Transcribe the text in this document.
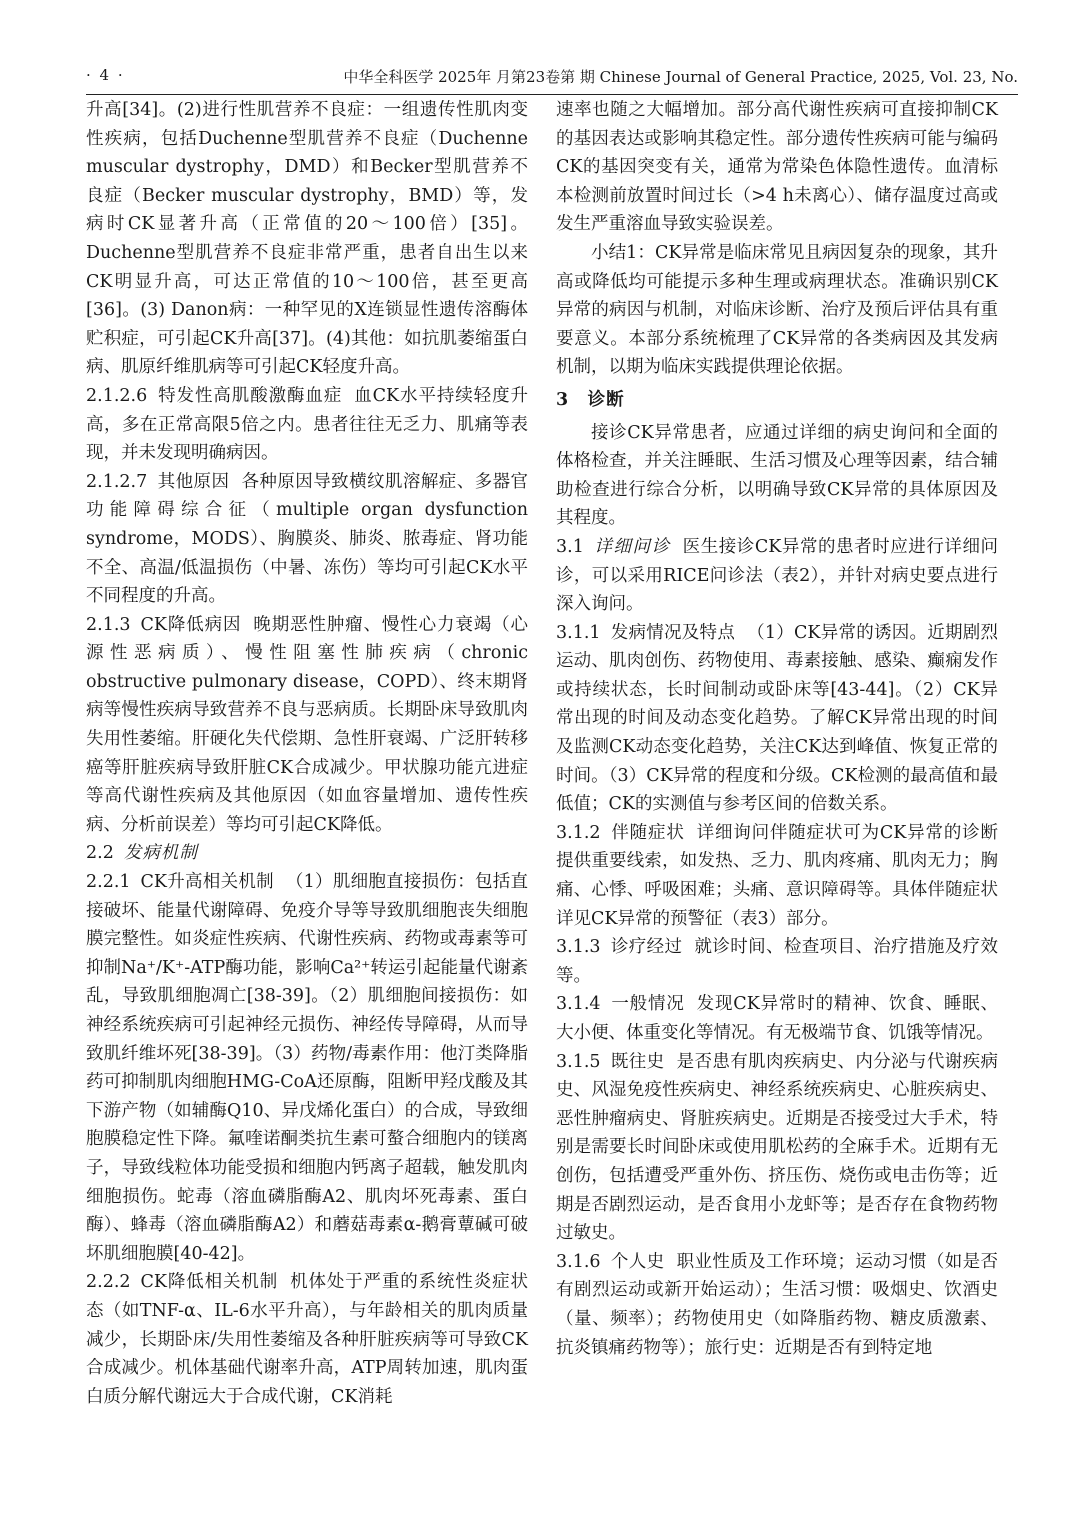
· 4 ·	中华全科医学 2025年 月第23卷第 期 Chinese Journal of General Practice, 2025, Vol. 23, No.

升高[34]。(2)进行性肌营养不良症：一组遗传性肌肉变性疾病，包括Duchenne型肌营养不良症（Duchenne muscular dystrophy，DMD）和Becker型肌营养不良症（Becker muscular dystrophy，BMD）等，发病时CK显著升高（正常值的20～100倍）[35]。Duchenne型肌营养不良症非常严重，患者自出生以来CK明显升高，可达正常值的10～100倍，甚至更高[36]。(3) Danon病：一种罕见的X连锁显性遗传溶酶体贮积症，可引起CK升高[37]。(4)其他：如抗肌萎缩蛋白病、肌原纤维肌病等可引起CK轻度升高。

2.1.2.6 特发性高肌酸激酶血症 血CK水平持续轻度升高，多在正常高限5倍之内。患者往往无乏力、肌痛等表现，并未发现明确病因。

2.1.2.7 其他原因 各种原因导致横纹肌溶解症、多器官功能障碍综合征（multiple organ dysfunction syndrome，MODS）、胸膜炎、肺炎、脓毒症、肾功能不全、高温/低温损伤（中暑、冻伤）等均可引起CK水平不同程度的升高。

2.1.3 CK降低病因 晚期恶性肿瘤、慢性心力衰竭（心源性恶病质）、慢性阻塞性肺疾病（chronic obstructive pulmonary disease，COPD）、终末期肾病等慢性疾病导致营养不良与恶病质。长期卧床导致肌肉失用性萎缩。肝硬化失代偿期、急性肝衰竭、广泛肝转移癌等肝脏疾病导致肝脏CK合成减少。甲状腺功能亢进症等高代谢性疾病及其他原因（如血容量增加、遗传性疾病、分析前误差）等均可引起CK降低。

2.2 发病机制

2.2.1 CK升高相关机制 （1）肌细胞直接损伤：包括直接破坏、能量代谢障碍、免疫介导等导致肌细胞丧失细胞膜完整性。如炎症性疾病、代谢性疾病、药物或毒素等可抑制Na⁺/K⁺-ATP酶功能，影响Ca²⁺转运引起能量代谢紊乱，导致肌细胞凋亡[38-39]。（2）肌细胞间接损伤：如神经系统疾病可引起神经元损伤、神经传导障碍，从而导致肌纤维坏死[38-39]。（3）药物/毒素作用：他汀类降脂药可抑制肌肉细胞HMG-CoA还原酶，阻断甲羟戊酸及其下游产物（如辅酶Q10、异戊烯化蛋白）的合成，导致细胞膜稳定性下降。氟喹诺酮类抗生素可螯合细胞内的镁离子，导致线粒体功能受损和细胞内钙离子超载，触发肌肉细胞损伤。蛇毒（溶血磷脂酶A2、肌肉坏死毒素、蛋白酶）、蜂毒（溶血磷脂酶A2）和蘑菇毒素α-鹅膏蕈碱可破坏肌细胞膜[40-42]。

2.2.2 CK降低相关机制 机体处于严重的系统性炎症状态（如TNF-α、IL-6水平升高），与年龄相关的肌肉质量减少，长期卧床/失用性萎缩及各种肝脏疾病等可导致CK合成减少。机体基础代谢率升高，ATP周转加速，肌肉蛋白质分解代谢远大于合成代谢，CK消耗

速率也随之大幅增加。部分高代谢性疾病可直接抑制CK的基因表达或影响其稳定性。部分遗传性疾病可能与编码CK的基因突变有关，通常为常染色体隐性遗传。血清标本检测前放置时间过长（>4 h未离心）、储存温度过高或发生严重溶血导致实验误差。

小结1：CK异常是临床常见且病因复杂的现象，其升高或降低均可能提示多种生理或病理状态。准确识别CK异常的病因与机制，对临床诊断、治疗及预后评估具有重要意义。本部分系统梳理了CK异常的各类病因及其发病机制，以期为临床实践提供理论依据。

3　诊断

接诊CK异常患者，应通过详细的病史询问和全面的体格检查，并关注睡眠、生活习惯及心理等因素，结合辅助检查进行综合分析，以明确导致CK异常的具体原因及其程度。

3.1 详细问诊 医生接诊CK异常的患者时应进行详细问诊，可以采用RICE问诊法（表2），并针对病史要点进行深入询问。

3.1.1 发病情况及特点 （1）CK异常的诱因。近期剧烈运动、肌肉创伤、药物使用、毒素接触、感染、癫痫发作或持续状态，长时间制动或卧床等[43-44]。（2）CK异常出现的时间及动态变化趋势。了解CK异常出现的时间及监测CK动态变化趋势，关注CK达到峰值、恢复正常的时间。（3）CK异常的程度和分级。CK检测的最高值和最低值；CK的实测值与参考区间的倍数关系。

3.1.2 伴随症状 详细询问伴随症状可为CK异常的诊断提供重要线索，如发热、乏力、肌肉疼痛、肌肉无力；胸痛、心悸、呼吸困难；头痛、意识障碍等。具体伴随症状详见CK异常的预警征（表3）部分。

3.1.3 诊疗经过 就诊时间、检查项目、治疗措施及疗效等。

3.1.4 一般情况 发现CK异常时的精神、饮食、睡眠、大小便、体重变化等情况。有无极端节食、饥饿等情况。

3.1.5 既往史 是否患有肌肉疾病史、内分泌与代谢疾病史、风湿免疫性疾病史、神经系统疾病史、心脏疾病史、恶性肿瘤病史、肾脏疾病史。近期是否接受过大手术，特别是需要长时间卧床或使用肌松药的全麻手术。近期有无创伤，包括遭受严重外伤、挤压伤、烧伤或电击伤等；近期是否剧烈运动，是否食用小龙虾等；是否存在食物药物过敏史。

3.1.6 个人史 职业性质及工作环境；运动习惯（如是否有剧烈运动或新开始运动）；生活习惯：吸烟史、饮酒史（量、频率）；药物使用史（如降脂药物、糖皮质激素、抗炎镇痛药物等）；旅行史：近期是否有到特定地
